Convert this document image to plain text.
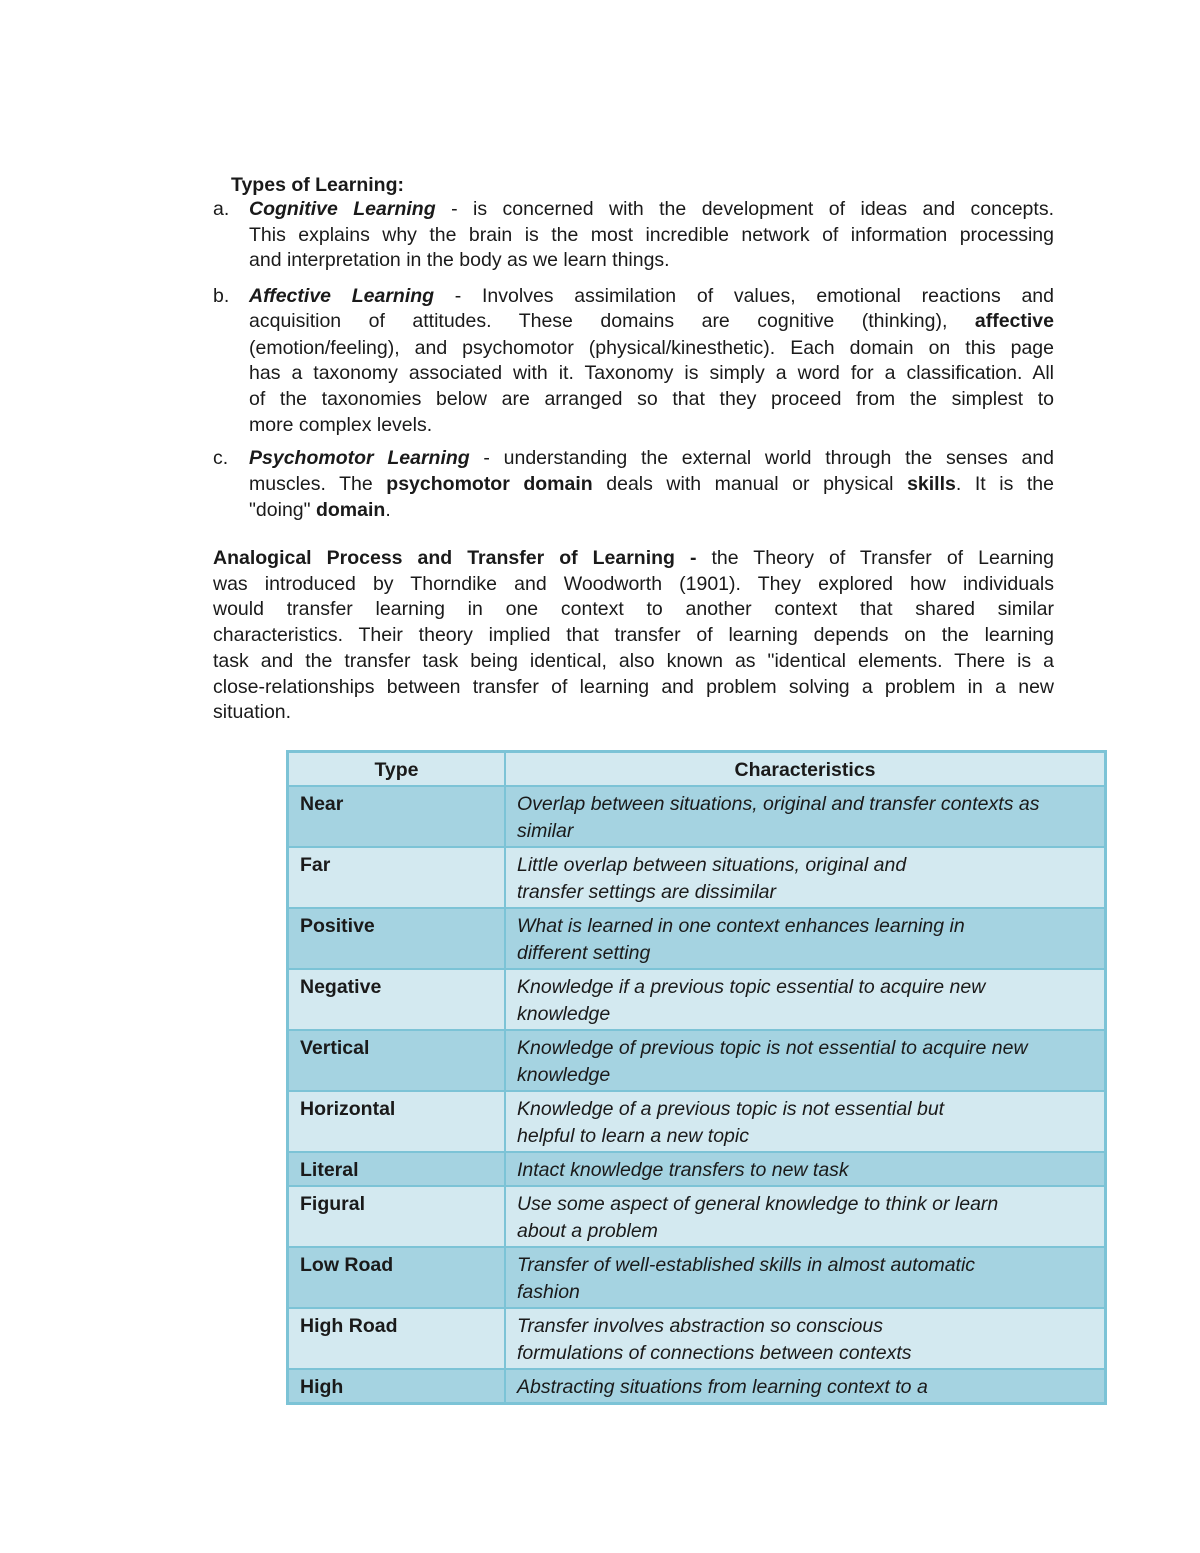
Types of Learning:
a. Cognitive Learning - is concerned with the development of ideas and concepts.
This explains why the brain is the most incredible network of information processing
and interpretation in the body as we learn things.
b. Affective Learning - Involves assimilation of values, emotional reactions and
acquisition of attitudes. These domains are cognitive (thinking), affective
(emotion/feeling), and psychomotor (physical/kinesthetic). Each domain on this page
has a taxonomy associated with it. Taxonomy is simply a word for a classification. All
of the taxonomies below are arranged so that they proceed from the simplest to
more complex levels.
c. Psychomotor Learning - understanding the external world through the senses and
muscles. The psychomotor domain deals with manual or physical skills. It is the
"doing" domain.
Analogical Process and Transfer of Learning - the Theory of Transfer of Learning
was introduced by Thorndike and Woodworth (1901). They explored how individuals
would transfer learning in one context to another context that shared similar
characteristics. Their theory implied that transfer of learning depends on the learning
task and the transfer task being identical, also known as "identical elements. There is a
close-relationships between transfer of learning and problem solving a problem in a new
situation.
Type	Characteristics
Near	Overlap between situations, original and transfer contexts as
similar

Far	Little overlap between situations, original and
transfer settings are dissimilar

Positive	What is learned in one context enhances learning in
different setting

Negative	Knowledge if a previous topic essential to acquire new
knowledge

Vertical	Knowledge of previous topic is not essential to acquire new
knowledge

Horizontal	Knowledge of a previous topic is not essential but
helpful to learn a new topic

Literal	Intact knowledge transfers to new task

Figural	Use some aspect of general knowledge to think or learn
about a problem

Low Road	Transfer of well-established skills in almost automatic
fashion

High Road	Transfer involves abstraction so conscious
formulations of connections between contexts

High	Abstracting situations from learning context to a
